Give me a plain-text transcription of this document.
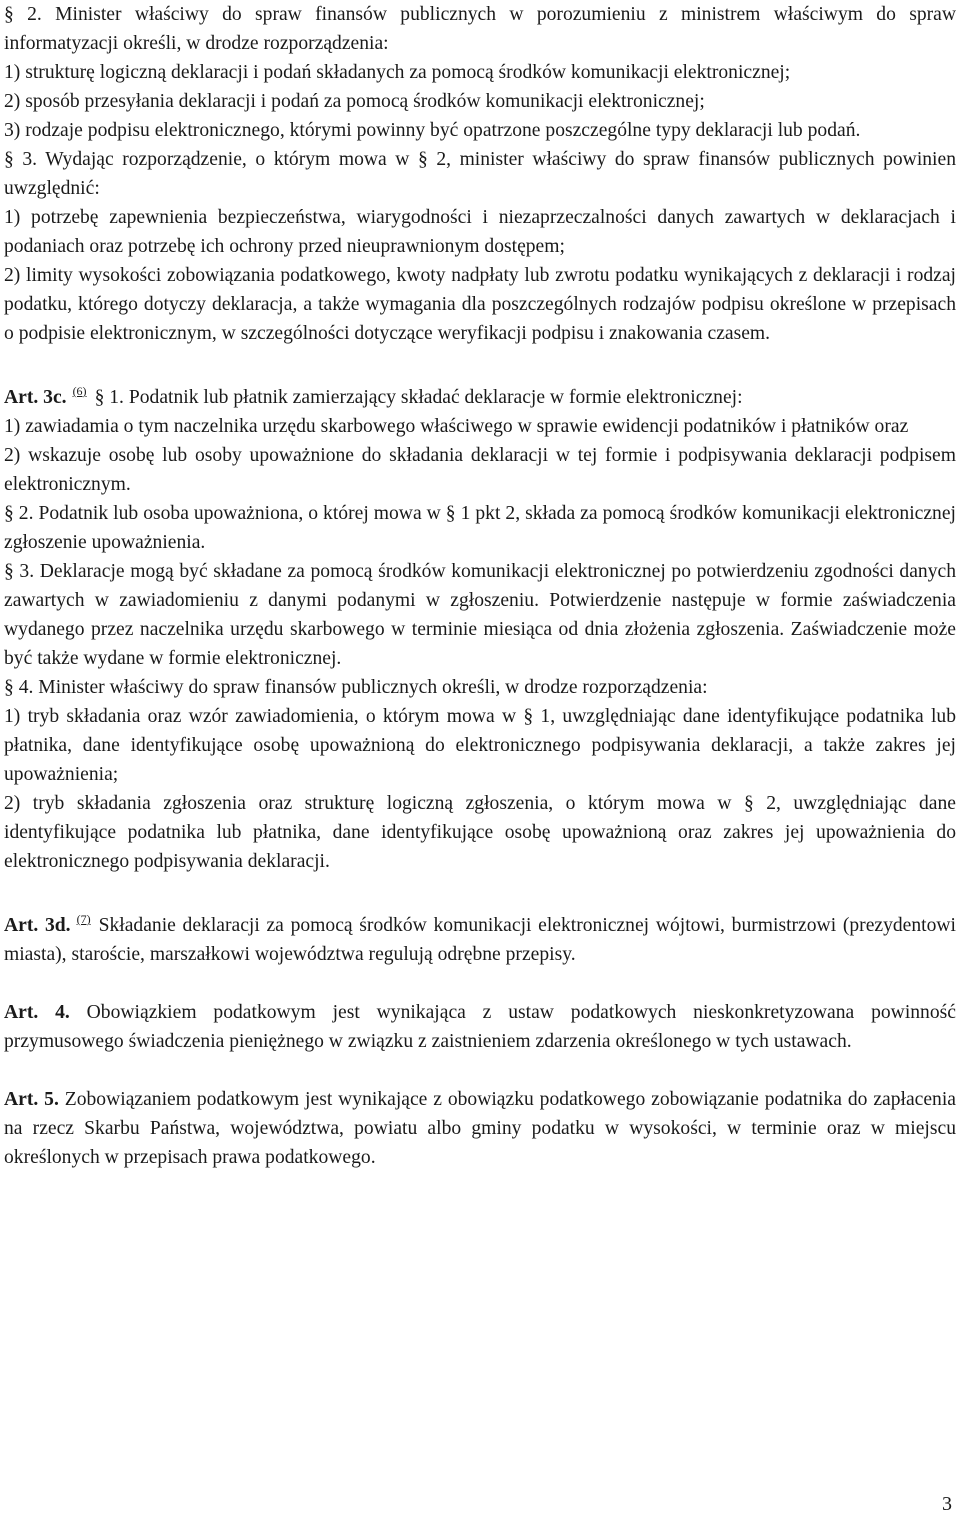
§ 2. Minister właściwy do spraw finansów publicznych w porozumieniu z ministrem właściwym do spraw informatyzacji określi, w drodze rozporządzenia:

1) strukturę logiczną deklaracji i podań składanych za pomocą środków komunikacji elektronicznej;

2) sposób przesyłania deklaracji i podań za pomocą środków komunikacji elektronicznej;

3) rodzaje podpisu elektronicznego, którymi powinny być opatrzone poszczególne typy deklaracji lub podań.

§ 3. Wydając rozporządzenie, o którym mowa w § 2, minister właściwy do spraw finansów publicznych powinien uwzględnić:

1) potrzebę zapewnienia bezpieczeństwa, wiarygodności i niezaprzeczalności danych zawartych w deklaracjach i podaniach oraz potrzebę ich ochrony przed nieuprawnionym dostępem;

2) limity wysokości zobowiązania podatkowego, kwoty nadpłaty lub zwrotu podatku wynikających z deklaracji i rodzaj podatku, którego dotyczy deklaracja, a także wymagania dla poszczególnych rodzajów podpisu określone w przepisach o podpisie elektronicznym, w szczególności dotyczące weryfikacji podpisu i znakowania czasem.

Art. 3c. $^{(6)}$ § 1. Podatnik lub płatnik zamierzający składać deklaracje w formie elektronicznej:

1) zawiadamia o tym naczelnika urzędu skarbowego właściwego w sprawie ewidencji podatników i płatników oraz

2) wskazuje osobę lub osoby upoważnione do składania deklaracji w tej formie i podpisywania deklaracji podpisem elektronicznym.

§ 2. Podatnik lub osoba upoważniona, o której mowa w § 1 pkt 2, składa za pomocą środków komunikacji elektronicznej zgłoszenie upoważnienia.

§ 3. Deklaracje mogą być składane za pomocą środków komunikacji elektronicznej po potwierdzeniu zgodności danych zawartych w zawiadomieniu z danymi podanymi w zgłoszeniu. Potwierdzenie następuje w formie zaświadczenia wydanego przez naczelnika urzędu skarbowego w terminie miesiąca od dnia złożenia zgłoszenia. Zaświadczenie może być także wydane w formie elektronicznej.

§ 4. Minister właściwy do spraw finansów publicznych określi, w drodze rozporządzenia:

1) tryb składania oraz wzór zawiadomienia, o którym mowa w § 1, uwzględniając dane identyfikujące podatnika lub płatnika, dane identyfikujące osobę upoważnioną do elektronicznego podpisywania deklaracji, a także zakres jej upoważnienia;

2) tryb składania zgłoszenia oraz strukturę logiczną zgłoszenia, o którym mowa w § 2, uwzględniając dane identyfikujące podatnika lub płatnika, dane identyfikujące osobę upoważnioną oraz zakres jej upoważnienia do elektronicznego podpisywania deklaracji.

Art. 3d. $^{(7)}$ Składanie deklaracji za pomocą środków komunikacji elektronicznej wójtowi, burmistrzowi (prezydentowi miasta), staroście, marszałkowi województwa regulują odrębne przepisy.

Art. 4. Obowiązkiem podatkowym jest wynikająca z ustaw podatkowych nieskonkretyzowana powinność przymusowego świadczenia pieniężnego w związku z zaistnieniem zdarzenia określonego w tych ustawach.

Art. 5. Zobowiązaniem podatkowym jest wynikające z obowiązku podatkowego zobowiązanie podatnika do zapłacenia na rzecz Skarbu Państwa, województwa, powiatu albo gminy podatku w wysokości, w terminie oraz w miejscu określonych w przepisach prawa podatkowego.

3
